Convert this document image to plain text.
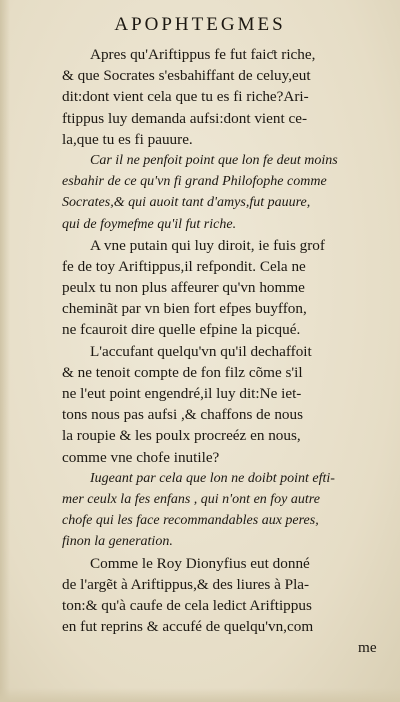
APOPHTEGMES
Apres qu'Ariftippus fe fut faiƈt riche,
& que Socrates s'esbahiffant de celuy,eut
dit:dont vient cela que tu es fi riche?Ari-
ftippus luy demanda aufsi:dont vient ce-
la,que tu es fi pauure.
Car il ne penfoit point que lon fe deut moins
esbahir de ce qu'vn fi grand Philofophe comme
Socrates,& qui auoit tant d'amys,fut pauure,
qui de foymefme qu'il fut riche.
A vne putain qui luy diroit, ie fuis grof
fe de toy Ariftippus,il refpondit. Cela ne
peulx tu non plus affeurer qu'vn homme
cheminãt par vn bien fort efpes buyffon,
ne fcauroit dire quelle efpine la picqué.
L'accufant quelqu'vn qu'il dechaffoit
& ne tenoit compte de fon filz cõme s'il
ne l'eut point engendré,il luy dit:Ne iet-
tons nous pas aufsi ,& chaffons de nous
la roupie & les poulx procreéz en nous,
comme vne chofe inutile?
Iugeant par cela que lon ne doibt point efti-
mer ceulx la fes enfans , qui n'ont en foy autre
chofe qui les face recommandables aux peres,
finon la generation.
Comme le Roy Dionyfius eut donné
de l'argẽt à Ariftippus,& des liures à Pla-
ton:& qu'à caufe de cela ledict Ariftippus
en fut reprins & accufé de quelqu'vn,com
me
